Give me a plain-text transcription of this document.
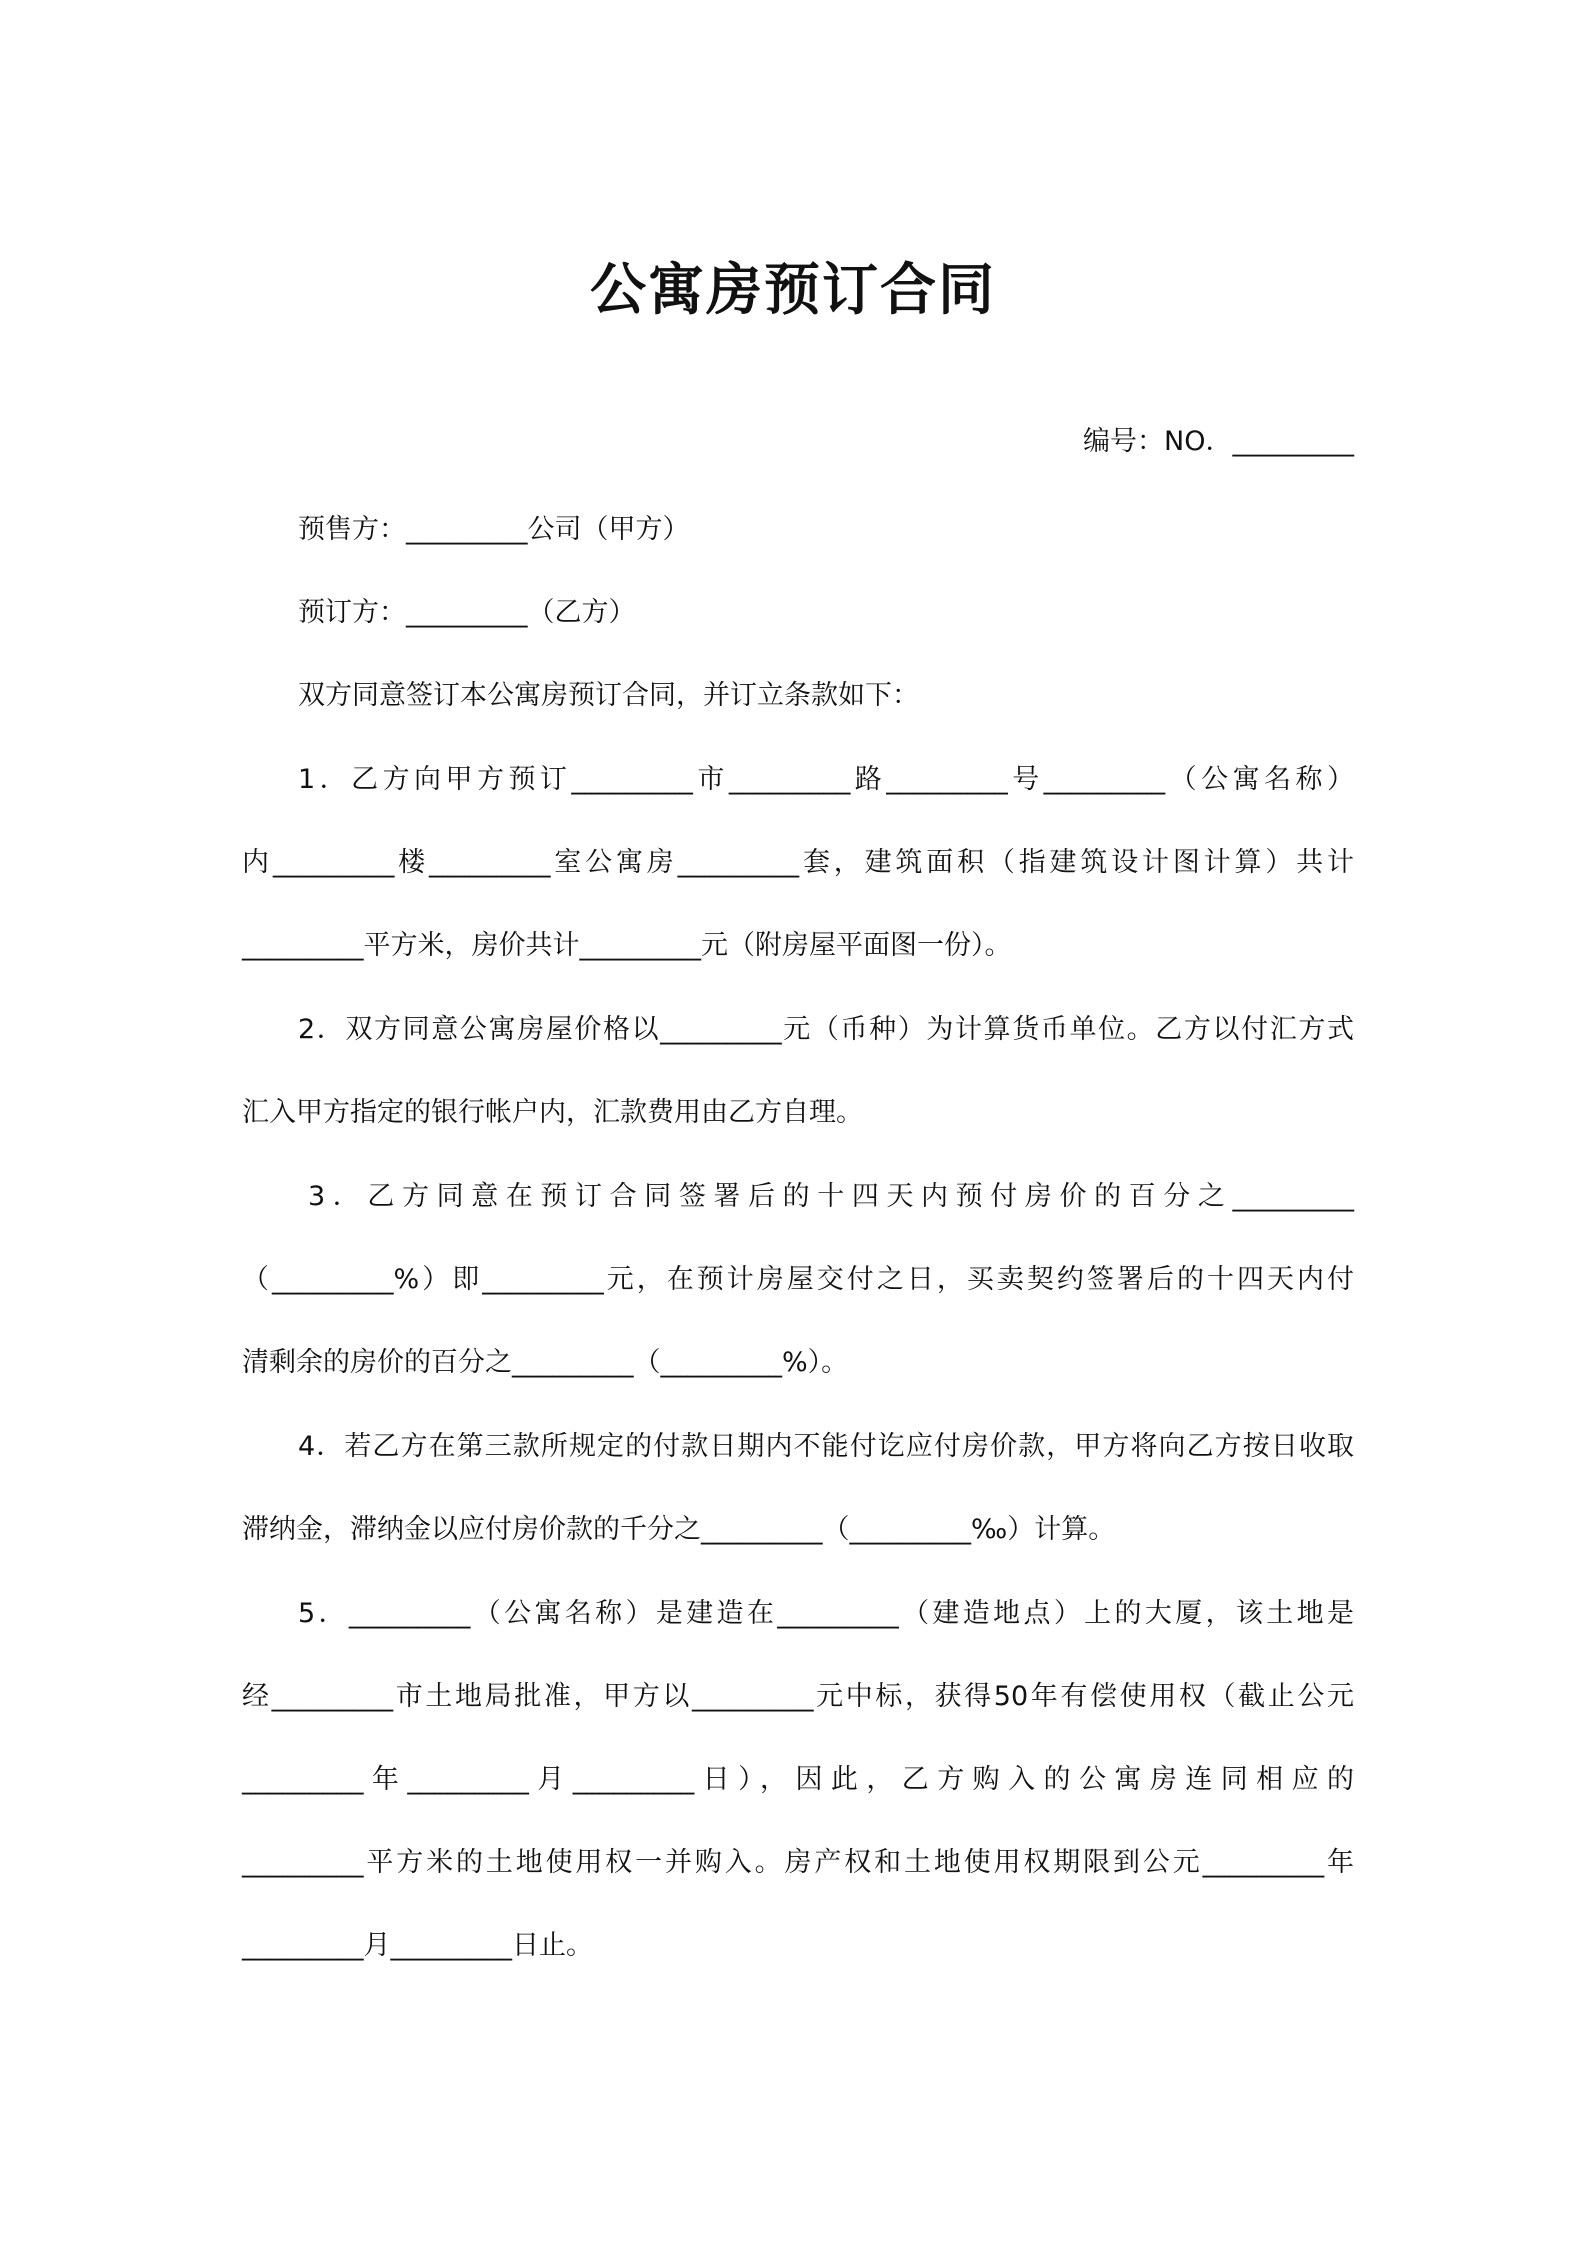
公寓房预订合同
编号：NO．_________
预售方：_________公司（甲方）
预订方：_________（乙方）
双方同意签订本公寓房预订合同，并订立条款如下：
1．乙方向甲方预订_________市_________路_________号_________（公寓名称）
内_________楼_________室公寓房_________套，建筑面积（指建筑设计图计算）共计
_________平方米，房价共计_________元（附房屋平面图一份）。
2．双方同意公寓房屋价格以_________元（币种）为计算货币单位。乙方以付汇方式
汇入甲方指定的银行帐户内，汇款费用由乙方自理。
3．乙方同意在预订合同签署后的十四天内预付房价的百分之_________
（_________%）即_________元，在预计房屋交付之日，买卖契约签署后的十四天内付
清剩余的房价的百分之_________（_________%）。
4．若乙方在第三款所规定的付款日期内不能付讫应付房价款，甲方将向乙方按日收取
滞纳金，滞纳金以应付房价款的千分之_________（_________‰）计算。
5．_________（公寓名称）是建造在_________（建造地点）上的大厦，该土地是
经_________市土地局批准，甲方以_________元中标，获得50年有偿使用权（截止公元
_________年_________月_________日），因此，乙方购入的公寓房连同相应的
_________平方米的土地使用权一并购入。房产权和土地使用权期限到公元_________年
_________月_________日止。
